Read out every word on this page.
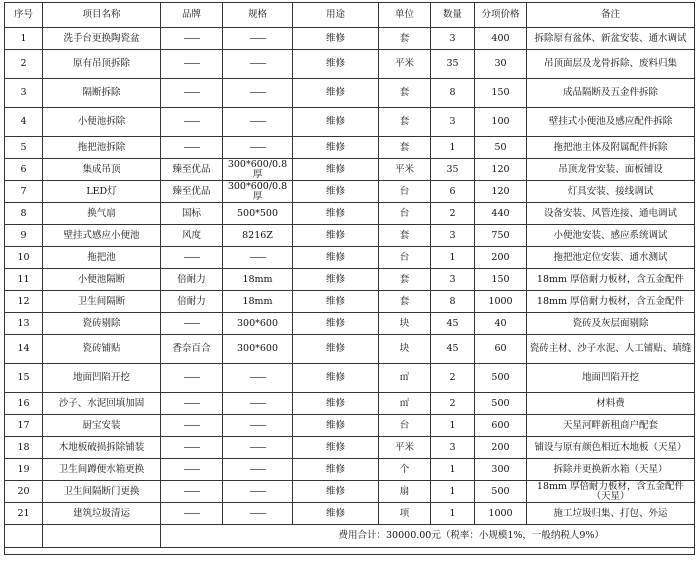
序号	项目名称	品牌	规格	用途	单位	数量	分项价格	备注
1	洗手台更换陶瓷盆	——	——	维修	套	3	400	拆除原有盆体、新盆安装、通水调试
2	原有吊顶拆除	——	——	维修	平米	35	30	吊顶面层及龙骨拆除、废料归集
3	隔断拆除	——	——	维修	套	8	150	成品隔断及五金件拆除
4	小便池拆除	——	——	维修	套	3	100	壁挂式小便池及感应配件拆除
5	拖把池拆除	——	——	维修	套	1	50	拖把池主体及附属配件拆除
6	集成吊顶	臻至优品	300*600/0.8厚	维修	平米	35	120	吊顶龙骨安装、面板铺设
7	LED灯	臻至优品	300*600/0.8厚	维修	台	6	120	灯具安装、接线调试
8	换气扇	国标	500*500	维修	台	2	440	设备安装、风管连接、通电调试
9	壁挂式感应小便池	风度	8216Z	维修	套	3	750	小便池安装、感应系统调试
10	拖把池	——	——	维修	台	1	200	拖把池定位安装、通水测试
11	小便池隔断	倍耐力	18mm	维修	套	3	150	18mm 厚倍耐力板材，含五金配件
12	卫生间隔断	倍耐力	18mm	维修	套	8	1000	18mm 厚倍耐力板材，含五金配件
13	瓷砖剔除	——	300*600	维修	块	45	40	瓷砖及灰层面剔除
14	瓷砖铺贴	香奈百合	300*600	维修	块	45	60	瓷砖主材、沙子水泥、人工铺贴、填缝
15	地面凹陷开挖	——	——	维修	㎡	2	500	地面凹陷开挖
16	沙子、水泥回填加固	——	——	维修	㎡	2	500	材料费
17	厨宝安装	——	——	维修	台	1	600	天星河畔新租商户配套
18	木地板破损拆除铺装	——	——	维修	平米	3	200	铺设与原有颜色相近木地板（天星）
19	卫生间蹲便水箱更换	——	——	维修	个	1	300	拆除并更换新水箱（天星）
20	卫生间隔断门更换	——	——	维修	扇	1	500	18mm 厚倍耐力板材，含五金配件（天星）
21	建筑垃圾清运	——	——	维修	项	1	1000	施工垃圾归集、打包、外运
		费用合计：30000.00元（税率：小规模1%，一般纳税人9%）						
